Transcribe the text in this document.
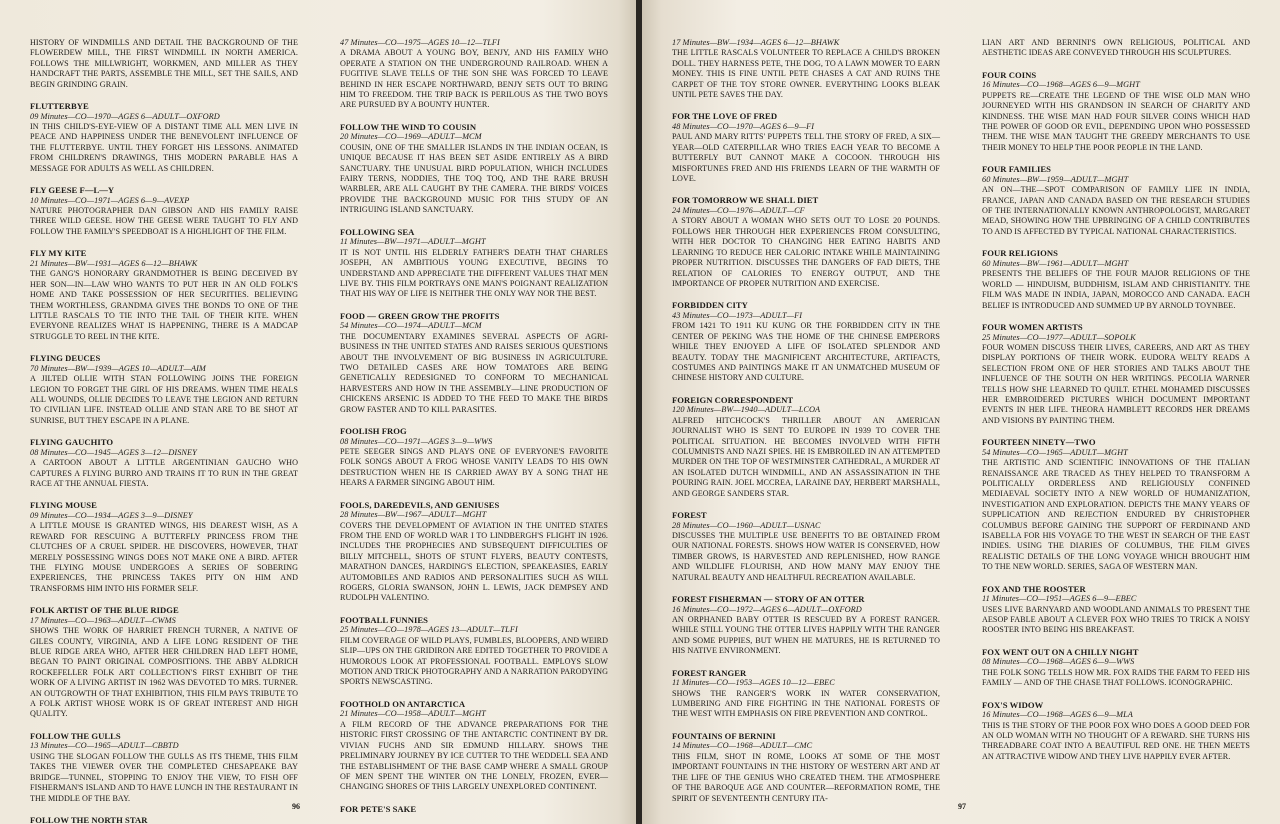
HISTORY OF WINDMILLS AND DETAIL THE BACKGROUND OF THE FLOWERDEW MILL, THE FIRST WINDMILL IN NORTH AMERICA. FOLLOWS THE MILLWRIGHT, WORKMEN, AND MILLER AS THEY HANDCRAFT THE PARTS, ASSEMBLE THE MILL, SET THE SAILS, AND BEGIN GRINDING GRAIN.

FLUTTERBYE

09 Minutes—CO—1970—AGES 6—ADULT—OXFORD

IN THIS CHILD'S-EYE-VIEW OF A DISTANT TIME ALL MEN LIVE IN PEACE AND HAPPINESS UNDER THE BENEVOLENT INFLUENCE OF THE FLUTTERBYE. UNTIL THEY FORGET HIS LESSONS. ANIMATED FROM CHILDREN'S DRAWINGS, THIS MODERN PARABLE HAS A MESSAGE FOR ADULTS AS WELL AS CHILDREN.

FLY GEESE F—L—Y

10 Minutes—CO—1971—AGES 6—9—AVEXP

NATURE PHOTOGRAPHER DAN GIBSON AND HIS FAMILY RAISE THREE WILD GEESE. HOW THE GEESE WERE TAUGHT TO FLY AND FOLLOW THE FAMILY'S SPEEDBOAT IS A HIGHLIGHT OF THE FILM.

FLY MY KITE

21 Minutes—BW—1931—AGES 6—12—BHAWK

THE GANG'S HONORARY GRANDMOTHER IS BEING DECEIVED BY HER SON—IN—LAW WHO WANTS TO PUT HER IN AN OLD FOLK'S HOME AND TAKE POSSESSION OF HER SECURITIES. BELIEVING THEM WORTHLESS, GRANDMA GIVES THE BONDS TO ONE OF THE LITTLE RASCALS TO TIE INTO THE TAIL OF THEIR KITE. WHEN EVERYONE REALIZES WHAT IS HAPPENING, THERE IS A MADCAP STRUGGLE TO REEL IN THE KITE.

FLYING DEUCES

70 Minutes—BW—1939—AGES 10—ADULT—AIM

A JILTED OLLIE WITH STAN FOLLOWING JOINS THE FOREIGN LEGION TO FORGET THE GIRL OF HIS DREAMS. WHEN TIME HEALS ALL WOUNDS, OLLIE DECIDES TO LEAVE THE LEGION AND RETURN TO CIVILIAN LIFE. INSTEAD OLLIE AND STAN ARE TO BE SHOT AT SUNRISE, BUT THEY ESCAPE IN A PLANE.

FLYING GAUCHITO

08 Minutes—CO—1945—AGES 3—12—DISNEY

A CARTOON ABOUT A LITTLE ARGENTINIAN GAUCHO WHO CAPTURES A FLYING BURRO AND TRAINS IT TO RUN IN THE GREAT RACE AT THE ANNUAL FIESTA.

FLYING MOUSE

09 Minutes—CO—1934—AGES 3—9—DISNEY

A LITTLE MOUSE IS GRANTED WINGS, HIS DEAREST WISH, AS A REWARD FOR RESCUING A BUTTERFLY PRINCESS FROM THE CLUTCHES OF A CRUEL SPIDER. HE DISCOVERS, HOWEVER, THAT MERELY POSSESSING WINGS DOES NOT MAKE ONE A BIRD. AFTER THE FLYING MOUSE UNDERGOES A SERIES OF SOBERING EXPERIENCES, THE PRINCESS TAKES PITY ON HIM AND TRANSFORMS HIM INTO HIS FORMER SELF.

FOLK ARTIST OF THE BLUE RIDGE

17 Minutes—CO—1963—ADULT—CWMS

SHOWS THE WORK OF HARRIET FRENCH TURNER, A NATIVE OF GILES COUNTY, VIRGINIA, AND A LIFE LONG RESIDENT OF THE BLUE RIDGE AREA WHO, AFTER HER CHILDREN HAD LEFT HOME, BEGAN TO PAINT ORIGINAL COMPOSITIONS. THE ABBY ALDRICH ROCKEFELLER FOLK ART COLLECTION'S FIRST EXHIBIT OF THE WORK OF A LIVING ARTIST IN 1962 WAS DEVOTED TO MRS. TURNER. AN OUTGROWTH OF THAT EXHIBITION, THIS FILM PAYS TRIBUTE TO A FOLK ARTIST WHOSE WORK IS OF GREAT INTEREST AND HIGH QUALITY.

FOLLOW THE GULLS

13 Minutes—CO—1965—ADULT—CBBTD

USING THE SLOGAN FOLLOW THE GULLS AS ITS THEME, THIS FILM TAKES THE VIEWER OVER THE COMPLETED CHESAPEAKE BAY BRIDGE—TUNNEL, STOPPING TO ENJOY THE VIEW, TO FISH OFF FISHERMAN'S ISLAND AND TO HAVE LUNCH IN THE RESTAURANT IN THE MIDDLE OF THE BAY.

FOLLOW THE NORTH STAR

47 Minutes—CO—1975—AGES 10—12—TLFI

A DRAMA ABOUT A YOUNG BOY, BENJY, AND HIS FAMILY WHO OPERATE A STATION ON THE UNDERGROUND RAILROAD. WHEN A FUGITIVE SLAVE TELLS OF THE SON SHE WAS FORCED TO LEAVE BEHIND IN HER ESCAPE NORTHWARD, BENJY SETS OUT TO BRING HIM TO FREEDOM. THE TRIP BACK IS PERILOUS AS THE TWO BOYS ARE PURSUED BY A BOUNTY HUNTER.

FOLLOW THE WIND TO COUSIN

20 Minutes—CO—1969—ADULT—MCM

COUSIN, ONE OF THE SMALLER ISLANDS IN THE INDIAN OCEAN, IS UNIQUE BECAUSE IT HAS BEEN SET ASIDE ENTIRELY AS A BIRD SANCTUARY. THE UNUSUAL BIRD POPULATION, WHICH INCLUDES FAIRY TERNS, NODDIES, THE TOQ TOQ, AND THE RARE BRUSH WARBLER, ARE ALL CAUGHT BY THE CAMERA. THE BIRDS' VOICES PROVIDE THE BACKGROUND MUSIC FOR THIS STUDY OF AN INTRIGUING ISLAND SANCTUARY.

FOLLOWING SEA

11 Minutes—BW—1971—ADULT—MGHT

IT IS NOT UNTIL HIS ELDERLY FATHER'S DEATH THAT CHARLES JOSEPH, AN AMBITIOUS YOUNG EXECUTIVE, BEGINS TO UNDERSTAND AND APPRECIATE THE DIFFERENT VALUES THAT MEN LIVE BY. THIS FILM PORTRAYS ONE MAN'S POIGNANT REALIZATION THAT HIS WAY OF LIFE IS NEITHER THE ONLY WAY NOR THE BEST.

FOOD — GREEN GROW THE PROFITS

54 Minutes—CO—1974—ADULT—MCM

THE DOCUMENTARY EXAMINES SEVERAL ASPECTS OF AGRI-BUSINESS IN THE UNITED STATES AND RAISES SERIOUS QUESTIONS ABOUT THE INVOLVEMENT OF BIG BUSINESS IN AGRICULTURE. TWO DETAILED CASES ARE HOW TOMATOES ARE BEING GENETICALLY REDESIGNED TO CONFORM TO MECHANICAL HARVESTERS AND HOW IN THE ASSEMBLY—LINE PRODUCTION OF CHICKENS ARSENIC IS ADDED TO THE FEED TO MAKE THE BIRDS GROW FASTER AND TO KILL PARASITES.

FOOLISH FROG

08 Minutes—CO—1971—AGES 3—9—WWS

PETE SEEGER SINGS AND PLAYS ONE OF EVERYONE'S FAVORITE FOLK SONGS ABOUT A FROG WHOSE VANITY LEADS TO HIS OWN DESTRUCTION WHEN HE IS CARRIED AWAY BY A SONG THAT HE HEARS A FARMER SINGING ABOUT HIM.

FOOLS, DAREDEVILS, AND GENIUSES

28 Minutes—BW—1967—ADULT—MGHT

COVERS THE DEVELOPMENT OF AVIATION IN THE UNITED STATES FROM THE END OF WORLD WAR I TO LINDBERGH'S FLIGHT IN 1926. INCLUDES THE PROPHECIES AND SUBSEQUENT DIFFICULTIES OF BILLY MITCHELL, SHOTS OF STUNT FLYERS, BEAUTY CONTESTS, MARATHON DANCES, HARDING'S ELECTION, SPEAKEASIES, EARLY AUTOMOBILES AND RADIOS AND PERSONALITIES SUCH AS WILL ROGERS, GLORIA SWANSON, JOHN L. LEWIS, JACK DEMPSEY AND RUDOLPH VALENTINO.

FOOTBALL FUNNIES

25 Minutes—CO—1978—AGES 13—ADULT—TLFI

FILM COVERAGE OF WILD PLAYS, FUMBLES, BLOOPERS, AND WEIRD SLIP—UPS ON THE GRIDIRON ARE EDITED TOGETHER TO PROVIDE A HUMOROUS LOOK AT PROFESSIONAL FOOTBALL. EMPLOYS SLOW MOTION AND TRICK PHOTOGRAPHY AND A NARRATION PARODYING SPORTS NEWSCASTING.

FOOTHOLD ON ANTARCTICA

21 Minutes—CO—1958—ADULT—MGHT

A FILM RECORD OF THE ADVANCE PREPARATIONS FOR THE HISTORIC FIRST CROSSING OF THE ANTARCTIC CONTINENT BY DR. VIVIAN FUCHS AND SIR EDMUND HILLARY. SHOWS THE PRELIMINARY JOURNEY BY ICE CUTTER TO THE WEDDELL SEA AND THE ESTABLISHMENT OF THE BASE CAMP WHERE A SMALL GROUP OF MEN SPENT THE WINTER ON THE LONELY, FROZEN, EVER—CHANGING SHORES OF THIS LARGELY UNEXPLORED CONTINENT.

FOR PETE'S SAKE

96

17 Minutes—BW—1934—AGES 6—12—BHAWK

THE LITTLE RASCALS VOLUNTEER TO REPLACE A CHILD'S BROKEN DOLL. THEY HARNESS PETE, THE DOG, TO A LAWN MOWER TO EARN MONEY. THIS IS FINE UNTIL PETE CHASES A CAT AND RUINS THE CARPET OF THE TOY STORE OWNER. EVERYTHING LOOKS BLEAK UNTIL PETE SAVES THE DAY.

FOR THE LOVE OF FRED

48 Minutes—CO—1970—AGES 6—9—FI

PAUL AND MARY RITTS' PUPPETS TELL THE STORY OF FRED, A SIX—YEAR—OLD CATERPILLAR WHO TRIES EACH YEAR TO BECOME A BUTTERFLY BUT CANNOT MAKE A COCOON. THROUGH HIS MISFORTUNES FRED AND HIS FRIENDS LEARN OF THE WARMTH OF LOVE.

FOR TOMORROW WE SHALL DIET

24 Minutes—CO—1976—ADULT—CF

A STORY ABOUT A WOMAN WHO SETS OUT TO LOSE 20 POUNDS. FOLLOWS HER THROUGH HER EXPERIENCES FROM CONSULTING, WITH HER DOCTOR TO CHANGING HER EATING HABITS AND LEARNING TO REDUCE HER CALORIC INTAKE WHILE MAINTAINING PROPER NUTRITION. DISCUSSES THE DANGERS OF FAD DIETS, THE RELATION OF CALORIES TO ENERGY OUTPUT, AND THE IMPORTANCE OF PROPER NUTRITION AND EXERCISE.

FORBIDDEN CITY

43 Minutes—CO—1973—ADULT—FI

FROM 1421 TO 1911 KU KUNG OR THE FORBIDDEN CITY IN THE CENTER OF PEKING WAS THE HOME OF THE CHINESE EMPERORS WHILE THEY ENJOYED A LIFE OF ISOLATED SPLENDOR AND BEAUTY. TODAY THE MAGNIFICENT ARCHITECTURE, ARTIFACTS, COSTUMES AND PAINTINGS MAKE IT AN UNMATCHED MUSEUM OF CHINESE HISTORY AND CULTURE.

FOREIGN CORRESPONDENT

120 Minutes—BW—1940—ADULT—LCOA

ALFRED HITCHCOCK'S THRILLER ABOUT AN AMERICAN JOURNALIST WHO IS SENT TO EUROPE IN 1939 TO COVER THE POLITICAL SITUATION. HE BECOMES INVOLVED WITH FIFTH COLUMNISTS AND NAZI SPIES. HE IS EMBROILED IN AN ATTEMPTED MURDER ON THE TOP OF WESTMINSTER CATHEDRAL, A MURDER AT AN ISOLATED DUTCH WINDMILL, AND AN ASSASSINATION IN THE POURING RAIN. JOEL MCCREA, LARAINE DAY, HERBERT MARSHALL, AND GEORGE SANDERS STAR.

FOREST

28 Minutes—CO—1960—ADULT—USNAC

DISCUSSES THE MULTIPLE USE BENEFITS TO BE OBTAINED FROM OUR NATIONAL FORESTS. SHOWS HOW WATER IS CONSERVED, HOW TIMBER GROWS, IS HARVESTED AND REPLENISHED, HOW RANGE AND WILDLIFE FLOURISH, AND HOW MANY MAY ENJOY THE NATURAL BEAUTY AND HEALTHFUL RECREATION AVAILABLE.

FOREST FISHERMAN — STORY OF AN OTTER

16 Minutes—CO—1972—AGES 6—ADULT—OXFORD

AN ORPHANED BABY OTTER IS RESCUED BY A FOREST RANGER. WHILE STILL YOUNG THE OTTER LIVES HAPPILY WITH THE RANGER AND SOME PUPPIES, BUT WHEN HE MATURES, HE IS RETURNED TO HIS NATIVE ENVIRONMENT.

FOREST RANGER

11 Minutes—CO—1953—AGES 10—12—EBEC

SHOWS THE RANGER'S WORK IN WATER CONSERVATION, LUMBERING AND FIRE FIGHTING IN THE NATIONAL FORESTS OF THE WEST WITH EMPHASIS ON FIRE PREVENTION AND CONTROL.

FOUNTAINS OF BERNINI

14 Minutes—CO—1968—ADULT—CMC

THIS FILM, SHOT IN ROME, LOOKS AT SOME OF THE MOST IMPORTANT FOUNTAINS IN THE HISTORY OF WESTERN ART AND AT THE LIFE OF THE GENIUS WHO CREATED THEM. THE ATMOSPHERE OF THE BAROQUE AGE AND COUNTER—REFORMATION ROME, THE SPIRIT OF SEVENTEENTH CENTURY ITA-

LIAN ART AND BERNINI'S OWN RELIGIOUS, POLITICAL AND AESTHETIC IDEAS ARE CONVEYED THROUGH HIS SCULPTURES.

FOUR COINS

16 Minutes—CO—1968—AGES 6—9—MGHT

PUPPETS RE—CREATE THE LEGEND OF THE WISE OLD MAN WHO JOURNEYED WITH HIS GRANDSON IN SEARCH OF CHARITY AND KINDNESS. THE WISE MAN HAD FOUR SILVER COINS WHICH HAD THE POWER OF GOOD OR EVIL, DEPENDING UPON WHO POSSESSED THEM. THE WISE MAN TAUGHT THE GREEDY MERCHANTS TO USE THEIR MONEY TO HELP THE POOR PEOPLE IN THE LAND.

FOUR FAMILIES

60 Minutes—BW—1959—ADULT—MGHT

AN ON—THE—SPOT COMPARISON OF FAMILY LIFE IN INDIA, FRANCE, JAPAN AND CANADA BASED ON THE RESEARCH STUDIES OF THE INTERNATIONALLY KNOWN ANTHROPOLOGIST, MARGARET MEAD, SHOWING HOW THE UPBRINGING OF A CHILD CONTRIBUTES TO AND IS AFFECTED BY TYPICAL NATIONAL CHARACTERISTICS.

FOUR RELIGIONS

60 Minutes—BW—1961—ADULT—MGHT

PRESENTS THE BELIEFS OF THE FOUR MAJOR RELIGIONS OF THE WORLD — HINDUISM, BUDDHISM, ISLAM AND CHRISTIANITY. THE FILM WAS MADE IN INDIA, JAPAN, MOROCCO AND CANADA. EACH BELIEF IS INTRODUCED AND SUMMED UP BY ARNOLD TOYNBEE.

FOUR WOMEN ARTISTS

25 Minutes—CO—1977—ADULT—SOPOLK

FOUR WOMEN DISCUSS THEIR LIVES, CAREERS, AND ART AS THEY DISPLAY PORTIONS OF THEIR WORK. EUDORA WELTY READS A SELECTION FROM ONE OF HER STORIES AND TALKS ABOUT THE INFLUENCE OF THE SOUTH ON HER WRITINGS. PECOLIA WARNER TELLS HOW SHE LEARNED TO QUILT. ETHEL MOHAMED DISCUSSES HER EMBROIDERED PICTURES WHICH DOCUMENT IMPORTANT EVENTS IN HER LIFE. THEORA HAMBLETT RECORDS HER DREAMS AND VISIONS BY PAINTING THEM.

FOURTEEN NINETY—TWO

54 Minutes—CO—1965—ADULT—MGHT

THE ARTISTIC AND SCIENTIFIC INNOVATIONS OF THE ITALIAN RENAISSANCE ARE TRACED AS THEY HELPED TO TRANSFORM A POLITICALLY ORDERLESS AND RELIGIOUSLY CONFINED MEDIAEVAL SOCIETY INTO A NEW WORLD OF HUMANIZATION, INVESTIGATION AND EXPLORATION. DEPICTS THE MANY YEARS OF SUPPLICATION AND REJECTION ENDURED BY CHRISTOPHER COLUMBUS BEFORE GAINING THE SUPPORT OF FERDINAND AND ISABELLA FOR HIS VOYAGE TO THE WEST IN SEARCH OF THE EAST INDIES. USING THE DIARIES OF COLUMBUS, THE FILM GIVES REALISTIC DETAILS OF THE LONG VOYAGE WHICH BROUGHT HIM TO THE NEW WORLD. SERIES, SAGA OF WESTERN MAN.

FOX AND THE ROOSTER

11 Minutes—CO—1951—AGES 6—9—EBEC

USES LIVE BARNYARD AND WOODLAND ANIMALS TO PRESENT THE AESOP FABLE ABOUT A CLEVER FOX WHO TRIES TO TRICK A NOISY ROOSTER INTO BEING HIS BREAKFAST.

FOX WENT OUT ON A CHILLY NIGHT

08 Minutes—CO—1968—AGES 6—9—WWS

THE FOLK SONG TELLS HOW MR. FOX RAIDS THE FARM TO FEED HIS FAMILY — AND OF THE CHASE THAT FOLLOWS. ICONOGRAPHIC.

FOX'S WIDOW

16 Minutes—CO—1968—AGES 6—9—MLA

THIS IS THE STORY OF THE POOR FOX WHO DOES A GOOD DEED FOR AN OLD WOMAN WITH NO THOUGHT OF A REWARD. SHE TURNS HIS THREADBARE COAT INTO A BEAUTIFUL RED ONE. HE THEN MEETS AN ATTRACTIVE WIDOW AND THEY LIVE HAPPILY EVER AFTER.

97
